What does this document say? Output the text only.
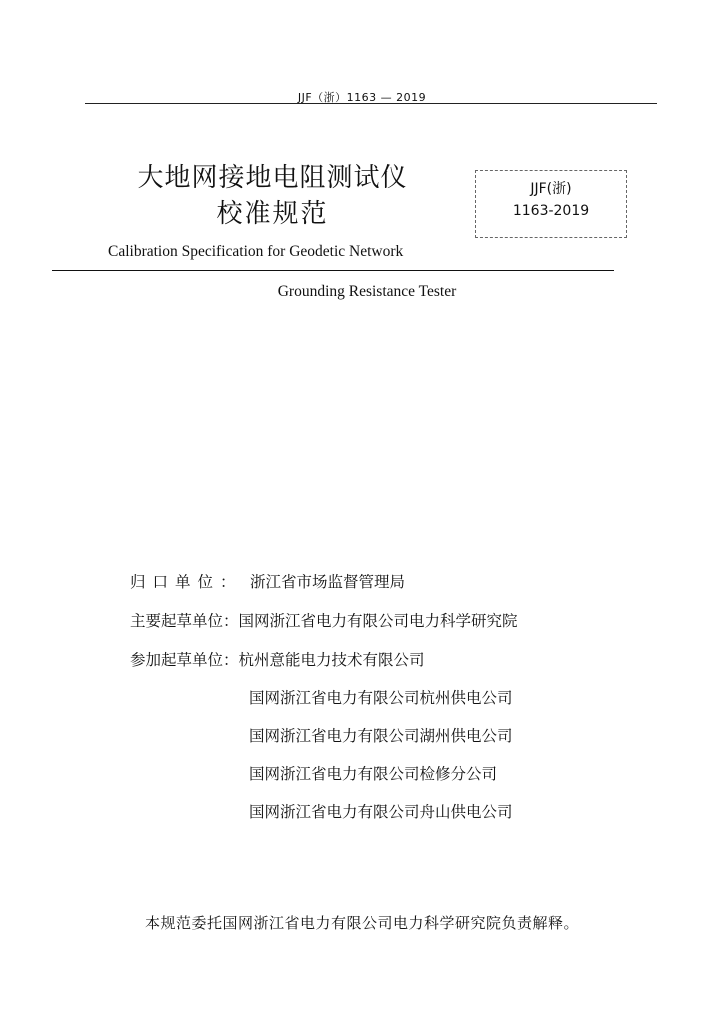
JJF（浙）1163 — 2019
大地网接地电阻测试仪
校准规范
JJF(浙)
1163-2019
Calibration Specification for Geodetic Network
Grounding Resistance Tester
归口单位： 浙江省市场监督管理局
主要起草单位：国网浙江省电力有限公司电力科学研究院
参加起草单位：杭州意能电力技术有限公司
国网浙江省电力有限公司杭州供电公司
国网浙江省电力有限公司湖州供电公司
国网浙江省电力有限公司检修分公司
国网浙江省电力有限公司舟山供电公司
本规范委托国网浙江省电力有限公司电力科学研究院负责解释。
